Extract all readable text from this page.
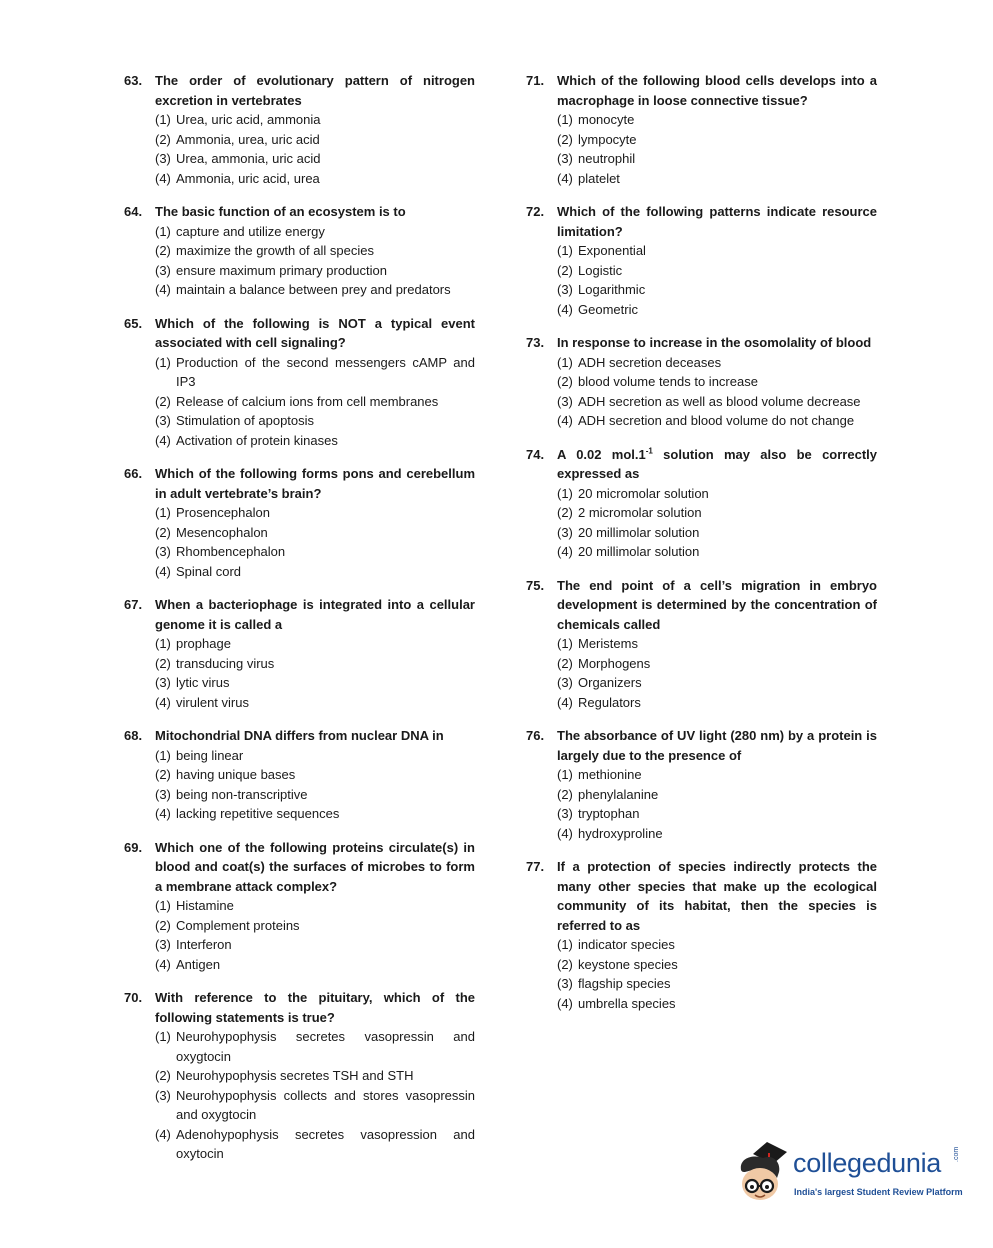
63. The order of evolutionary pattern of nitrogen excretion in vertebrates
(1) Urea, uric acid, ammonia
(2) Ammonia, urea, uric acid
(3) Urea, ammonia, uric acid
(4) Ammonia, uric acid, urea
64. The basic function of an ecosystem is to
(1) capture and utilize energy
(2) maximize the growth of all species
(3) ensure maximum primary production
(4) maintain a balance between prey and predators
65. Which of the following is NOT a typical event associated with cell signaling?
(1) Production of the second messengers cAMP and IP3
(2) Release of calcium ions from cell membranes
(3) Stimulation of apoptosis
(4) Activation of protein kinases
66. Which of the following forms pons and cerebellum in adult vertebrate’s brain?
(1) Prosencephalon
(2) Mesencophalon
(3) Rhombencephalon
(4) Spinal cord
67. When a bacteriophage is integrated into a cellular genome it is called a
(1) prophage
(2) transducing virus
(3) lytic virus
(4) virulent virus
68. Mitochondrial DNA differs from nuclear DNA in
(1) being linear
(2) having unique bases
(3) being non-transcriptive
(4) lacking repetitive sequences
69. Which one of the following proteins circulate(s) in blood and coat(s) the surfaces of microbes to form a membrane attack complex?
(1) Histamine
(2) Complement proteins
(3) Interferon
(4) Antigen
70. With reference to the pituitary, which of the following statements is true?
(1) Neurohypophysis secretes vasopressin and oxygtocin
(2) Neurohypophysis secretes TSH and STH
(3) Neurohypophysis collects and stores vasopressin and oxygtocin
(4) Adenohypophysis secretes vasopression and oxytocin
71. Which of the following blood cells develops into a macrophage in loose connective tissue?
(1) monocyte
(2) lympocyte
(3) neutrophil
(4) platelet
72. Which of the following patterns indicate resource limitation?
(1) Exponential
(2) Logistic
(3) Logarithmic
(4) Geometric
73. In response to increase in the osomolality of blood
(1) ADH secretion deceases
(2) blood volume tends to increase
(3) ADH secretion as well as blood volume decrease
(4) ADH secretion and blood volume do not change
74. A 0.02 $mol.1^{-1}$ solution may also be correctly expressed as
(1) 20 micromolar solution
(2) 2 micromolar solution
(3) 20 millimolar solution
(4) 20 millimolar solution
75. The end point of a cell’s migration in embryo development is determined by the concentration of chemicals called
(1) Meristems
(2) Morphogens
(3) Organizers
(4) Regulators
76. The absorbance of UV light (280 nm) by a protein is largely due to the presence of
(1) methionine
(2) phenylalanine
(3) tryptophan
(4) hydroxyproline
77. If a protection of species indirectly protects the many other species that make up the ecological community of its habitat, then the species is referred to as
(1) indicator species
(2) keystone species
(3) flagship species
(4) umbrella species
collegedunia .com
India's largest Student Review Platform
